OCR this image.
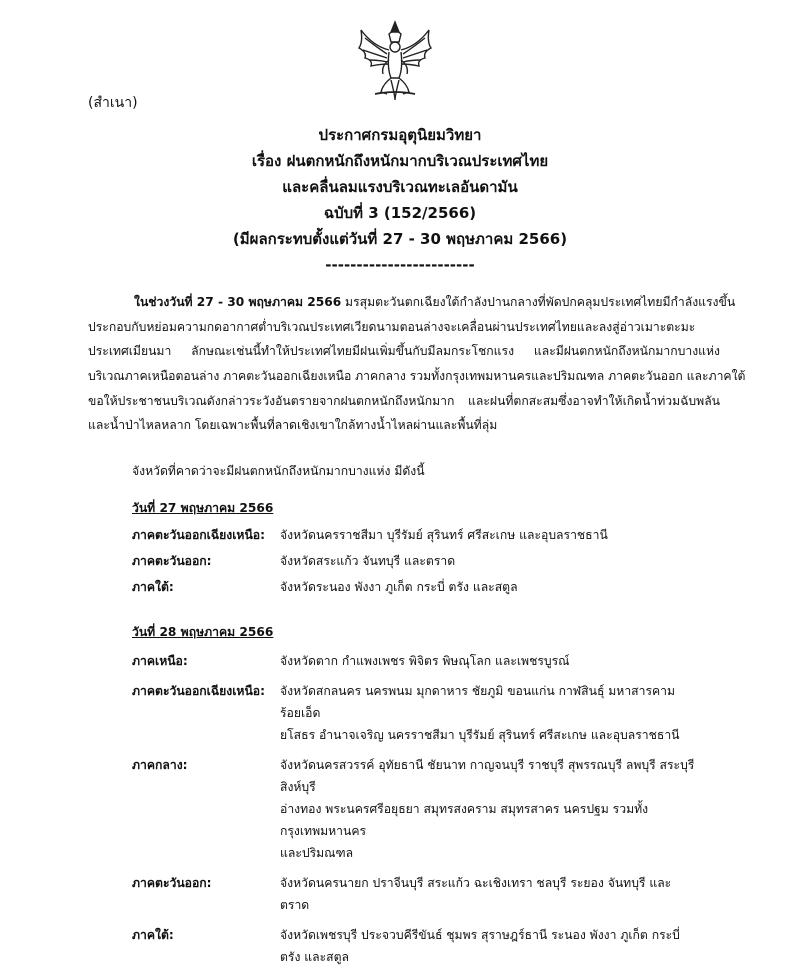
(สำเนา)
ประกาศกรมอุตุนิยมวิทยา
เรื่อง ฝนตกหนักถึงหนักมากบริเวณประเทศไทย
และคลื่นลมแรงบริเวณทะเลอันดามัน
ฉบับที่ 3 (152/2566)
(มีผลกระทบตั้งแต่วันที่ 27 - 30 พฤษภาคม 2566)
------------------------
ในช่วงวันที่ 27 - 30 พฤษภาคม 2566 มรสุมตะวันตกเฉียงใต้กำลังปานกลางที่พัดปกคลุมประเทศไทยมีกำลังแรงขึ้น
ประกอบกับหย่อมความกดอากาศต่ำบริเวณประเทศเวียดนามตอนล่างจะเคลื่อนผ่านประเทศไทยและลงสู่อ่าวเมาะตะมะ
ประเทศเมียนมา ลักษณะเช่นนี้ทำให้ประเทศไทยมีฝนเพิ่มขึ้นกับมีลมกระโชกแรง และมีฝนตกหนักถึงหนักมากบางแห่ง
บริเวณภาคเหนือตอนล่าง ภาคตะวันออกเฉียงเหนือ ภาคกลาง รวมทั้งกรุงเทพมหานครและปริมณฑล ภาคตะวันออก และภาคใต้
ขอให้ประชาชนบริเวณดังกล่าวระวังอันตรายจากฝนตกหนักถึงหนักมาก และฝนที่ตกสะสมซึ่งอาจทำให้เกิดน้ำท่วมฉับพลัน
และน้ำป่าไหลหลาก โดยเฉพาะพื้นที่ลาดเชิงเขาใกล้ทางน้ำไหลผ่านและพื้นที่ลุ่ม
จังหวัดที่คาดว่าจะมีฝนตกหนักถึงหนักมากบางแห่ง มีดังนี้
วันที่ 27 พฤษภาคม 2566
ภาคตะวันออกเฉียงเหนือ:	จังหวัดนครราชสีมา บุรีรัมย์ สุรินทร์ ศรีสะเกษ และอุบลราชธานี
ภาคตะวันออก:	จังหวัดสระแก้ว จันทบุรี และตราด
ภาคใต้:	จังหวัดระนอง พังงา ภูเก็ต กระบี่ ตรัง และสตูล
วันที่ 28 พฤษภาคม 2566
ภาคเหนือ:	จังหวัดตาก กำแพงเพชร พิจิตร พิษณุโลก และเพชรบูรณ์
ภาคตะวันออกเฉียงเหนือ:	จังหวัดสกลนคร นครพนม มุกดาหาร ชัยภูมิ ขอนแก่น กาฬสินธุ์ มหาสารคาม ร้อยเอ็ด
ยโสธร อำนาจเจริญ นครราชสีมา บุรีรัมย์ สุรินทร์ ศรีสะเกษ และอุบลราชธานี
ภาคกลาง:	จังหวัดนครสวรรค์ อุทัยธานี ชัยนาท กาญจนบุรี ราชบุรี สุพรรณบุรี ลพบุรี สระบุรี สิงห์บุรี
อ่างทอง พระนครศรีอยุธยา สมุทรสงคราม สมุทรสาคร นครปฐม รวมทั้งกรุงเทพมหานคร
และปริมณฑล
ภาคตะวันออก:	จังหวัดนครนายก ปราจีนบุรี สระแก้ว ฉะเชิงเทรา ชลบุรี ระยอง จันทบุรี และตราด
ภาคใต้:	จังหวัดเพชรบุรี ประจวบคีรีขันธ์ ชุมพร สุราษฎร์ธานี ระนอง พังงา ภูเก็ต กระบี่
ตรัง และสตูล
